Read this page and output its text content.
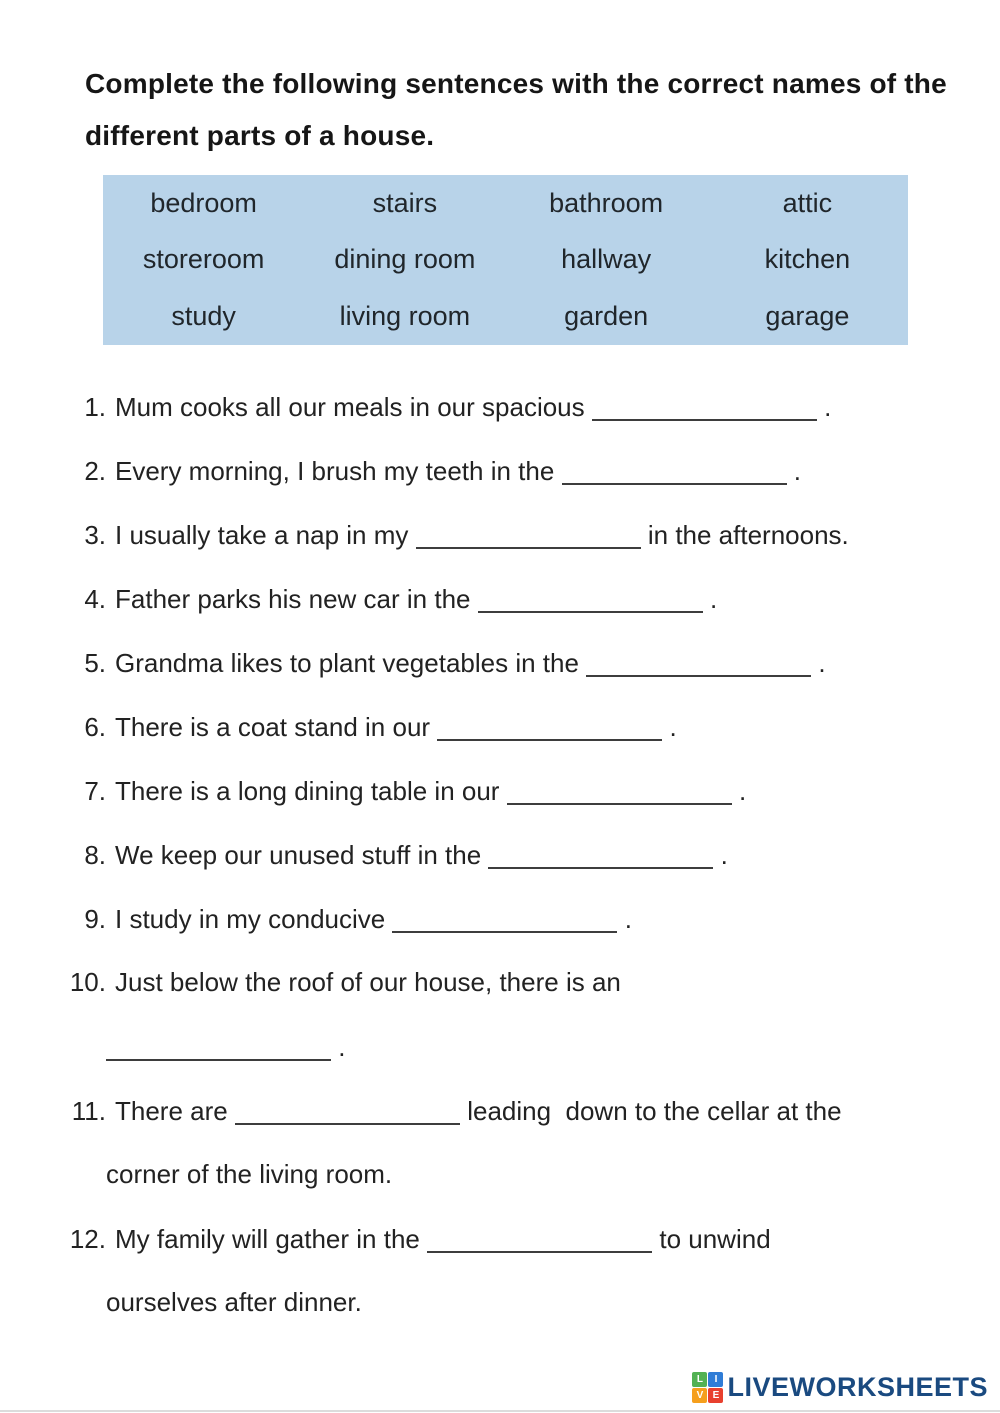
Complete the following sentences with the correct names of the
different parts of a house.
bedroom	stairs	bathroom	attic
storeroom	dining room	hallway	kitchen
study	living room	garden	garage
1. Mum cooks all our meals in our spacious	.
2. Every morning, I brush my teeth in the	.
3. I usually take a nap in my	in the afternoons.
4. Father parks his new car in the	.
5. Grandma likes to plant vegetables in the	.
6. There is a coat stand in our	.
7. There is a long dining table in our	.
8. We keep our unused stuff in the	.
9. I study in my conducive	.
10. Just below the roof of our house, there is an
.
11. There are	leading  down to the cellar at the
corner of the living room.
12. My family will gather in the	to unwind
ourselves after dinner.
L	I
V E LIVEWORKSHEETS
